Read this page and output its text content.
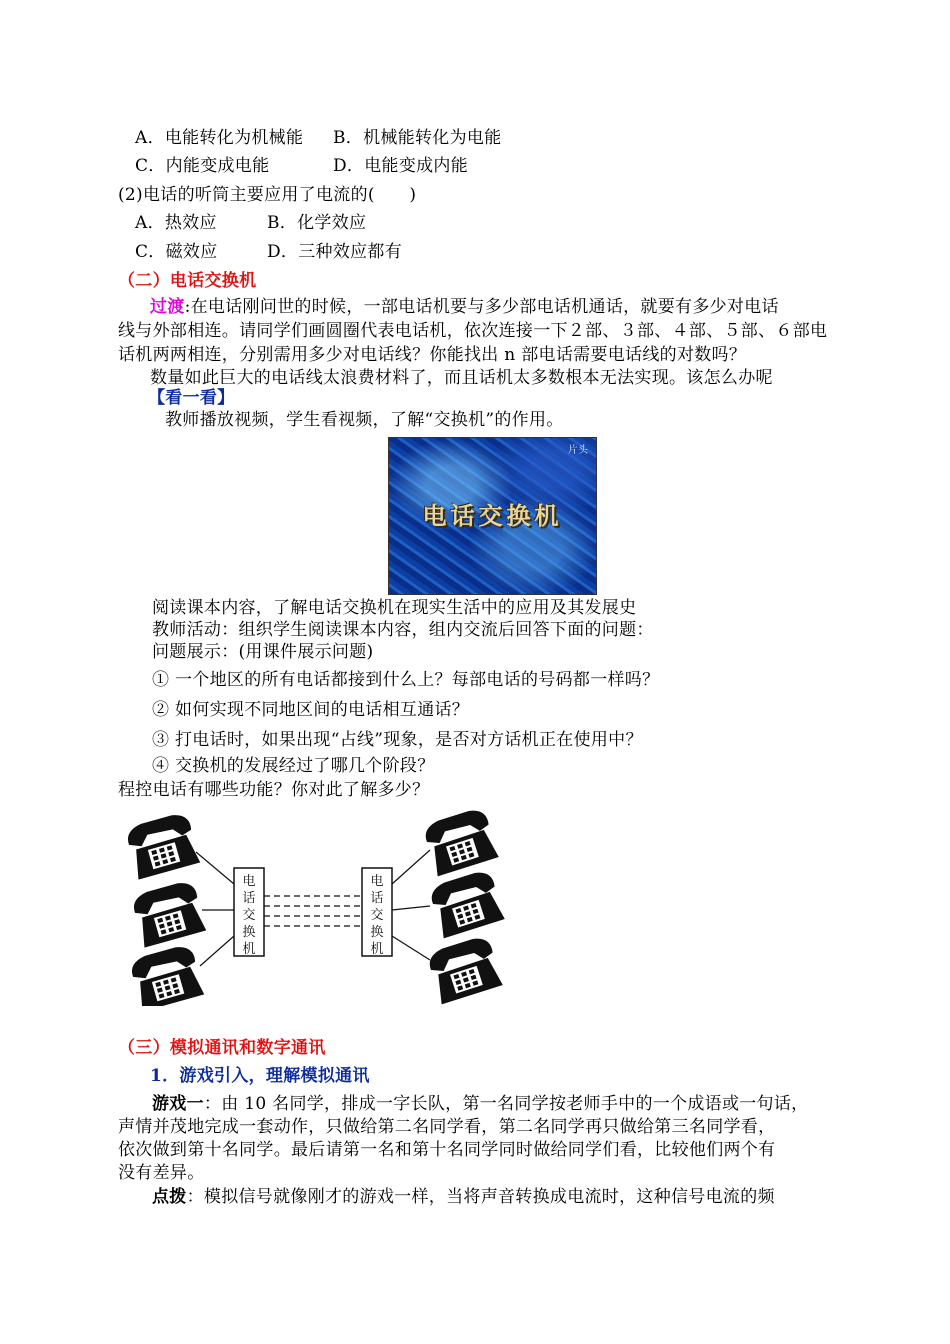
A．电能转化为机械能 B．机械能转化为电能
C．内能变成电能	D．电能变成内能
(2)电话的听筒主要应用了电流的(　　)
A．热效应	B．化学效应
C．磁效应	D．三种效应都有
（二）电话交换机
过渡:在电话刚问世的时候，一部电话机要与多少部电话机通话，就要有多少对电话
线与外部相连。请同学们画圆圈代表电话机，依次连接一下２部、３部、４部、５部、６部电
话机两两相连，分别需用多少对电话线？你能找出 n 部电话需要电话线的对数吗？
数量如此巨大的电话线太浪费材料了，而且话机太多数根本无法实现。该怎么办呢
【看一看】
教师播放视频，学生看视频，了解“交换机”的作用。
片头
电话交换机
阅读课本内容，了解电话交换机在现实生活中的应用及其发展史
教师活动：组织学生阅读课本内容，组内交流后回答下面的问题：
问题展示：(用课件展示问题)
① 一个地区的所有电话都接到什么上？每部电话的号码都一样吗？
② 如何实现不同地区间的电话相互通话？
③ 打电话时，如果出现“占线”现象，是否对方话机正在使用中？
④ 交换机的发展经过了哪几个阶段？
程控电话有哪些功能？你对此了解多少？
电
话
交
换
机
电
话
交
换
机
（三）模拟通讯和数字通讯
1．游戏引入，理解模拟通讯
游戏一：由 10 名同学，排成一字长队，第一名同学按老师手中的一个成语或一句话，
声情并茂地完成一套动作，只做给第二名同学看，第二名同学再只做给第三名同学看，
依次做到第十名同学。最后请第一名和第十名同学同时做给同学们看，比较他们两个有
没有差异。
点拨：模拟信号就像刚才的游戏一样，当将声音转换成电流时，这种信号电流的频
